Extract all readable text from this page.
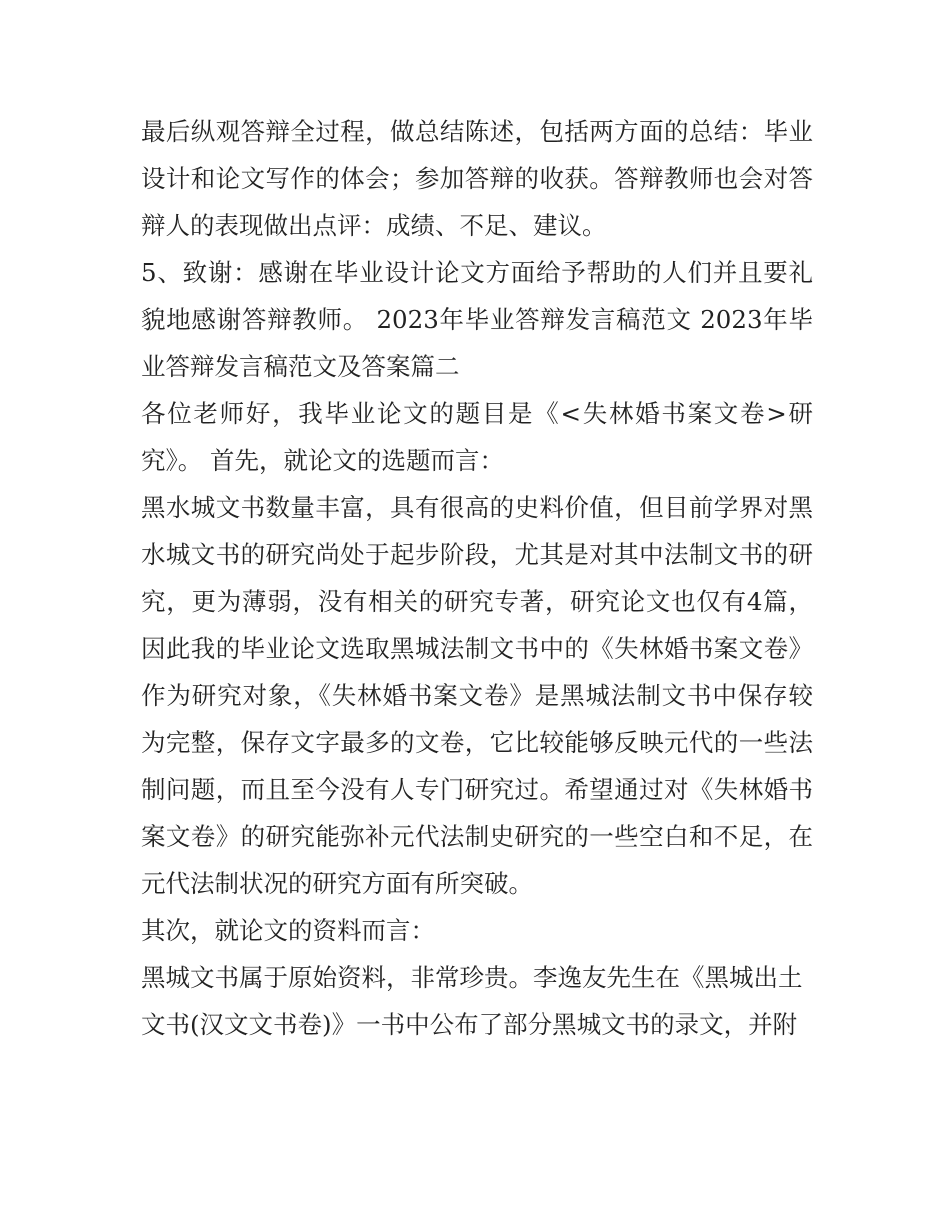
最后纵观答辩全过程，做总结陈述，包括两方面的总结：毕业设计和论文写作的体会；参加答辩的收获。答辩教师也会对答辩人的表现做出点评：成绩、不足、建议。

5、致谢：感谢在毕业设计论文方面给予帮助的人们并且要礼貌地感谢答辩教师。 2023年毕业答辩发言稿范文 2023年毕业答辩发言稿范文及答案篇二

各位老师好，我毕业论文的题目是《<失林婚书案文卷>研究》。 首先，就论文的选题而言：

黑水城文书数量丰富，具有很高的史料价值，但目前学界对黑水城文书的研究尚处于起步阶段，尤其是对其中法制文书的研究，更为薄弱，没有相关的研究专著，研究论文也仅有4篇，因此我的毕业论文选取黑城法制文书中的《失林婚书案文卷》作为研究对象，《失林婚书案文卷》是黑城法制文书中保存较为完整，保存文字最多的文卷，它比较能够反映元代的一些法制问题，而且至今没有人专门研究过。希望通过对《失林婚书案文卷》的研究能弥补元代法制史研究的一些空白和不足，在元代法制状况的研究方面有所突破。

其次，就论文的资料而言：

黑城文书属于原始资料，非常珍贵。李逸友先生在《黑城出土文书(汉文文书卷)》一书中公布了部分黑城文书的录文，并附
